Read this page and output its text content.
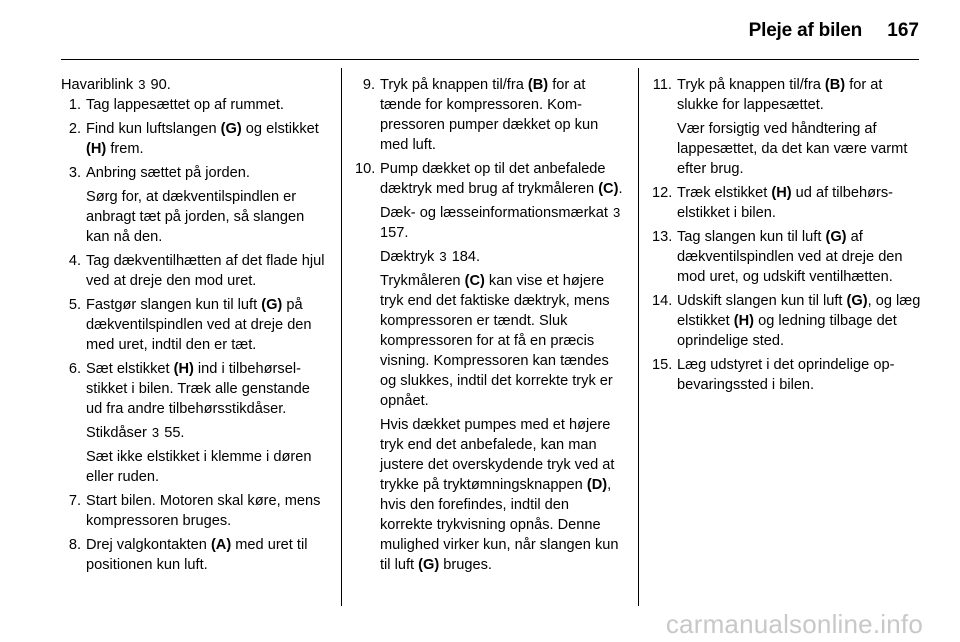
Pleje af bilen 167

Havariblink 3 90.

1. Tag lappesættet op af rummet.

2. Find kun luftslangen (G) og elstikket (H) frem.

3. Anbring sættet på jorden.

Sørg for, at dækventilspindlen er anbragt tæt på jorden, så slangen kan nå den.

4. Tag dækventilhætten af det flade hjul ved at dreje den mod uret.

5. Fastgør slangen kun til luft (G) på dækventilspindlen ved at dreje den med uret, indtil den er tæt.

6. Sæt elstikket (H) ind i tilbehørselstikket i bilen. Træk alle genstande ud fra andre tilbehørsstikdåser.

Stikdåser 3 55.

Sæt ikke elstikket i klemme i døren eller ruden.

7. Start bilen. Motoren skal køre, mens kompressoren bruges.

8. Drej valgkontakten (A) med uret til positionen kun luft.

9. Tryk på knappen til/fra (B) for at tænde for kompressoren. Kompressoren pumper dækket op kun med luft.

10. Pump dækket op til det anbefalede dæktryk med brug af trykmåleren (C).

Dæk- og læsseinformationsmærkat 3 157.

Dæktryk 3 184.

Trykmåleren (C) kan vise et højere tryk end det faktiske dæktryk, mens kompressoren er tændt. Sluk kompressoren for at få en præcis visning. Kompressoren kan tændes og slukkes, indtil det korrekte tryk er opnået.

Hvis dækket pumpes med et højere tryk end det anbefalede, kan man justere det overskydende tryk ved at trykke på tryktømningsknappen (D), hvis den forefindes, indtil den korrekte trykvisning opnås. Denne mulighed virker kun, når slangen kun til luft (G) bruges.

11. Tryk på knappen til/fra (B) for at slukke for lappesættet.

Vær forsigtig ved håndtering af lappesættet, da det kan være varmt efter brug.

12. Træk elstikket (H) ud af tilbehørselstikket i bilen.

13. Tag slangen kun til luft (G) af dækventilspindlen ved at dreje den mod uret, og udskift ventilhætten.

14. Udskift slangen kun til luft (G), og læg elstikket (H) og ledning tilbage det oprindelige sted.

15. Læg udstyret i det oprindelige opbevaringssted i bilen.

carmanualsonline.info
